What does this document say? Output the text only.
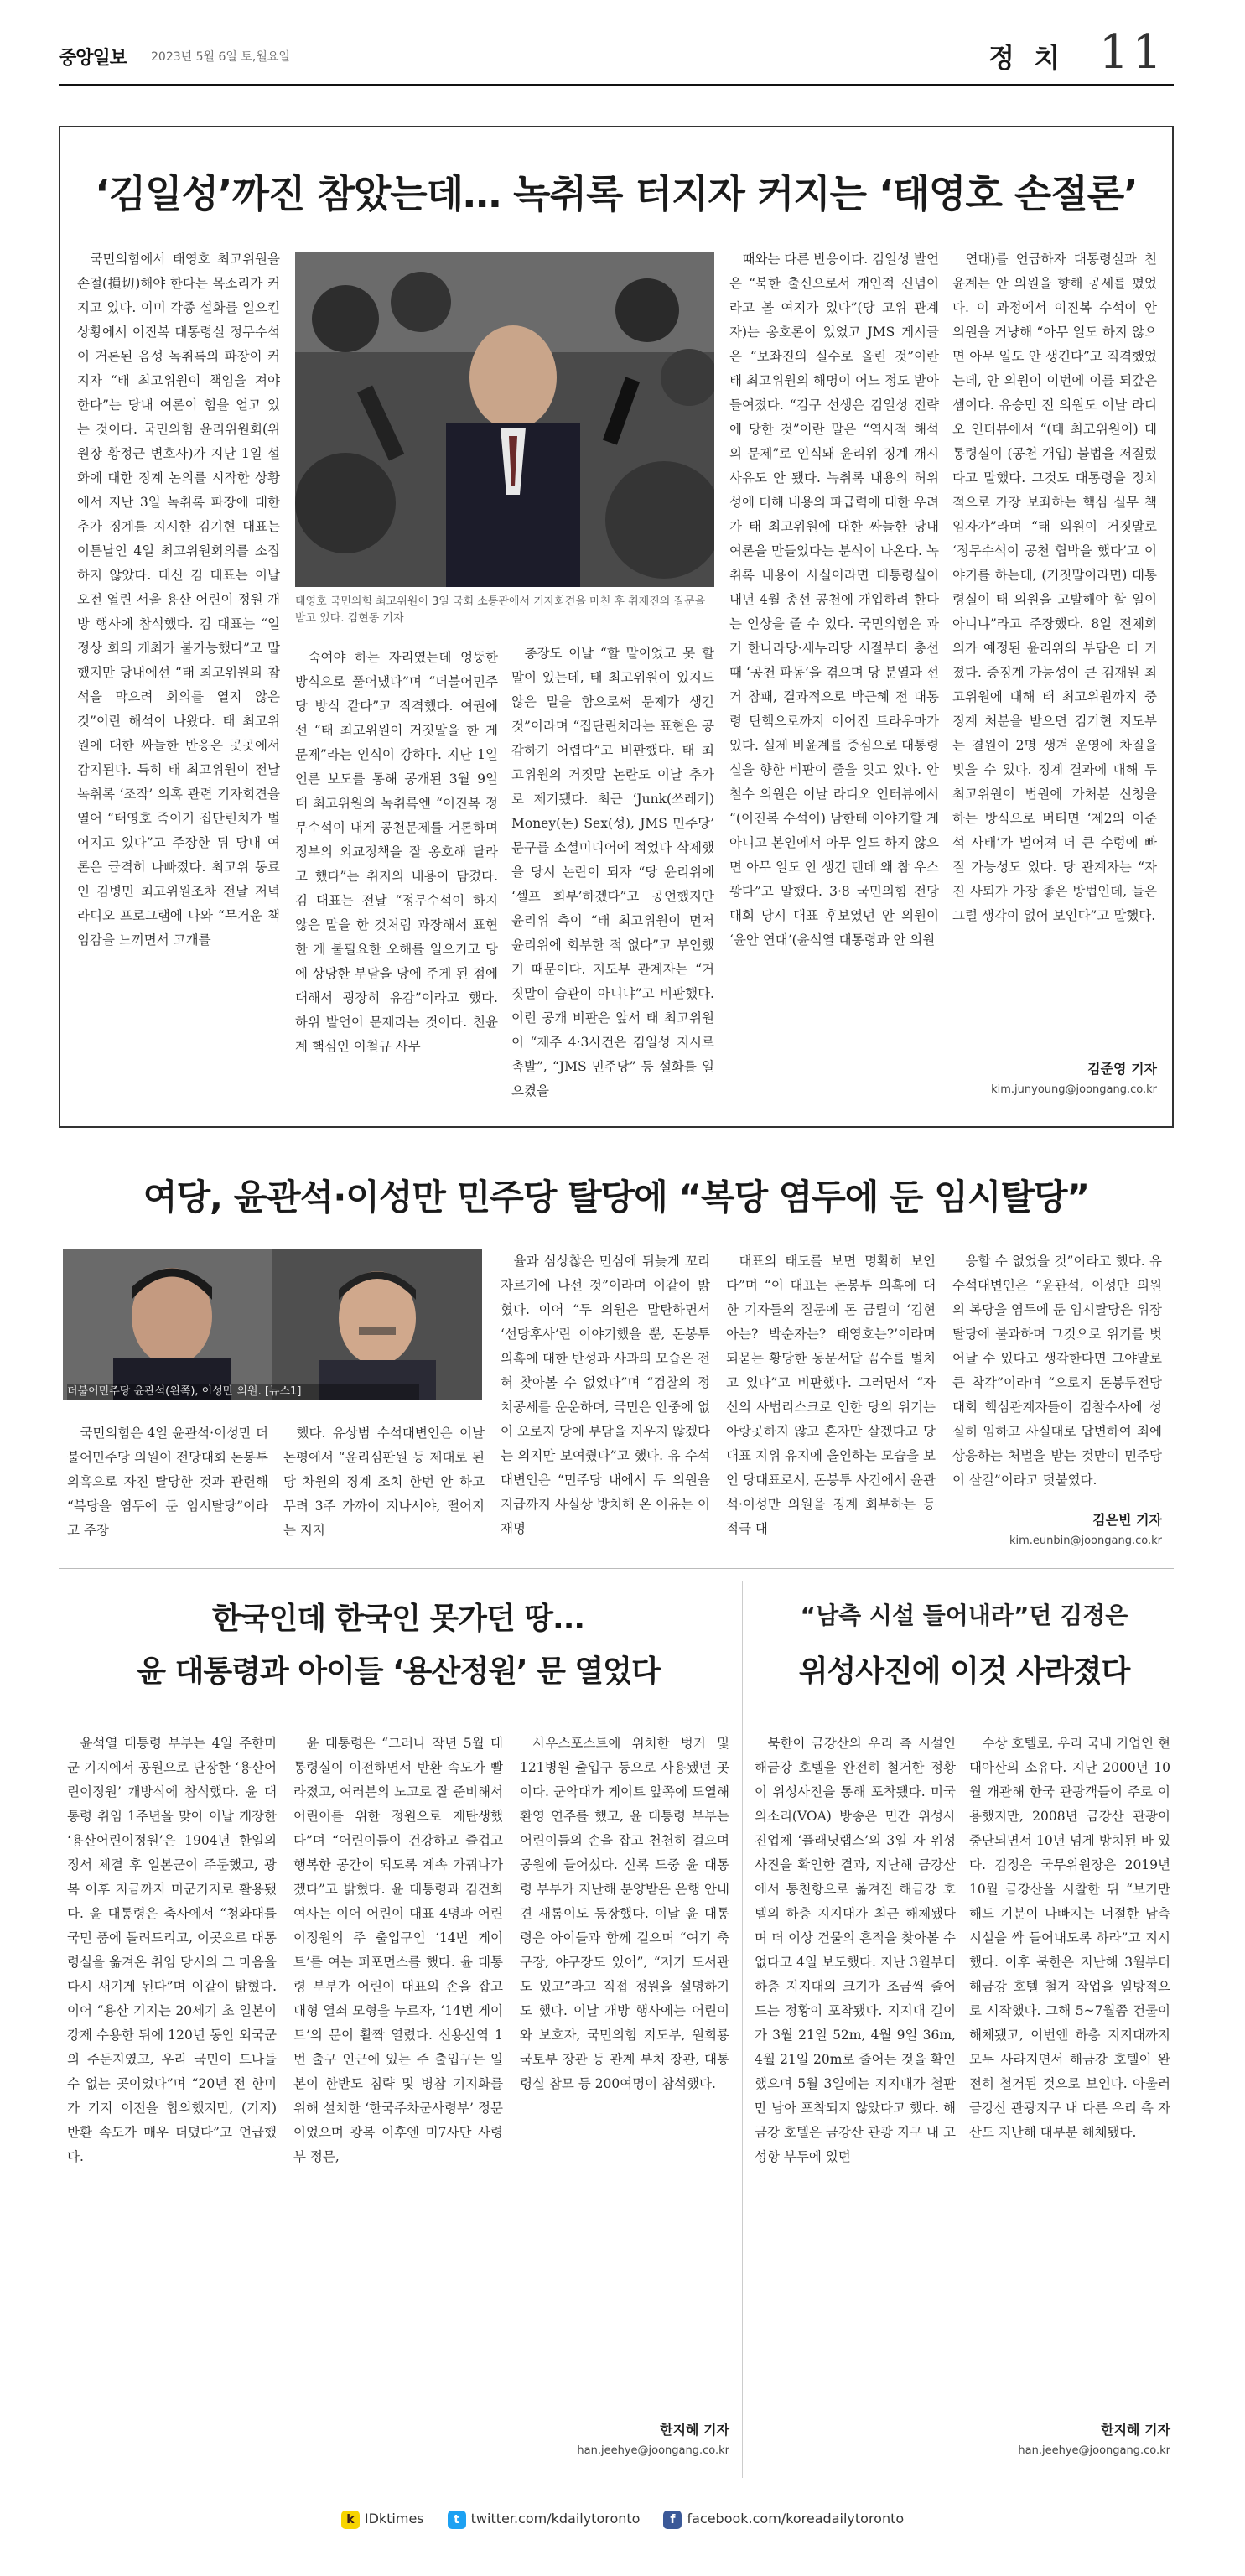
중앙일보 2023년 5월 6일 토,월요일	정 치 11
‘김일성’까진 참았는데… 녹취록 터지자 커지는 ‘태영호 손절론’

국민의힘에서 태영호 최고위원을 손절(損切)해야 한다는 목소리가 커지고 있다. 이미 각종 설화를 일으킨 상황에서 이진복 대통령실 정무수석이 거론된 음성 녹취록의 파장이 커지자 “태 최고위원이 책임을 져야 한다”는 당내 여론이 힘을 얻고 있는 것이다. 국민의힘 윤리위원회(위원장 황정근 변호사)가 지난 1일 설화에 대한 징계 논의를 시작한 상황에서 지난 3일 녹취록 파장에 대한 추가 징계를 지시한 김기현 대표는 이튿날인 4일 최고위원회의를 소집하지 않았다. 대신 김 대표는 이날 오전 열린 서울 용산 어린이 정원 개방 행사에 참석했다. 김 대표는 “일정상 회의 개최가 불가능했다”고 말했지만 당내에선 “태 최고위원의 참석을 막으려 회의를 열지 않은 것”이란 해석이 나왔다. 태 최고위원에 대한 싸늘한 반응은 곳곳에서 감지된다. 특히 태 최고위원이 전날 녹취록 ‘조작’ 의혹 관련 기자회견을 열어 “태영호 죽이기 집단린치가 벌어지고 있다”고 주장한 뒤 당내 여론은 급격히 나빠졌다. 최고위 동료인 김병민 최고위원조차 전날 저녁 라디오 프로그램에 나와 “무거운 책임감을 느끼면서 고개를

태영호 국민의힘 최고위원이 3일 국회 소통관에서 기자회견을 마친 후 취재진의 질문을 받고 있다. 김현동 기자

숙여야 하는 자리였는데 엉뚱한 방식으로 풀어냈다”며 “더불어민주당 방식 같다”고 직격했다. 여권에선 “태 최고위원이 거짓말을 한 게 문제”라는 인식이 강하다. 지난 1일 언론 보도를 통해 공개된 3월 9일 태 최고위원의 녹취록엔 “이진복 정무수석이 내게 공천문제를 거론하며 정부의 외교정책을 잘 옹호해 달라고 했다”는 취지의 내용이 담겼다. 김 대표는 전날 “정무수석이 하지 않은 말을 한 것처럼 과장해서 표현한 게 불필요한 오해를 일으키고 당에 상당한 부담을 당에 주게 된 점에 대해서 굉장히 유감”이라고 했다. 하위 발언이 문제라는 것이다. 친윤계 핵심인 이철규 사무

총장도 이날 “할 말이었고 못 할 말이 있는데, 태 최고위원이 있지도 않은 말을 함으로써 문제가 생긴 것”이라며 “집단린치라는 표현은 공감하기 어렵다”고 비판했다. 태 최고위원의 거짓말 논란도 이날 추가로 제기됐다. 최근 ‘Junk(쓰레기) Money(돈) Sex(성), JMS 민주당’ 문구를 소셜미디어에 적었다 삭제했을 당시 논란이 되자 “당 윤리위에 ‘셀프 회부’하겠다”고 공언했지만 윤리위 측이 “태 최고위원이 먼저 윤리위에 회부한 적 없다”고 부인했기 때문이다. 지도부 관계자는 “거짓말이 습관이 아니냐”고 비판했다. 이런 공개 비판은 앞서 태 최고위원이 “제주 4·3사건은 김일성 지시로 촉발”, “JMS 민주당” 등 설화를 일으켰을

때와는 다른 반응이다. 김일성 발언은 “북한 출신으로서 개인적 신념이라고 볼 여지가 있다”(당 고위 관계자)는 옹호론이 있었고 JMS 게시글은 “보좌진의 실수로 올린 것”이란 태 최고위원의 해명이 어느 정도 받아들여졌다. “김구 선생은 김일성 전략에 당한 것”이란 말은 “역사적 해석의 문제”로 인식돼 윤리위 징계 개시 사유도 안 됐다. 녹취록 내용의 허위성에 더해 내용의 파급력에 대한 우려가 태 최고위원에 대한 싸늘한 당내 여론을 만들었다는 분석이 나온다. 녹취록 내용이 사실이라면 대통령실이 내년 4월 총선 공천에 개입하려 한다는 인상을 줄 수 있다. 국민의힘은 과거 한나라당·새누리당 시절부터 총선 때 ‘공천 파동’을 겪으며 당 분열과 선거 참패, 결과적으로 박근혜 전 대통령 탄핵으로까지 이어진 트라우마가 있다. 실제 비윤계를 중심으로 대통령실을 향한 비판이 줄을 잇고 있다. 안철수 의원은 이날 라디오 인터뷰에서 “(이진복 수석이) 남한테 이야기할 게 아니고 본인에서 아무 일도 하지 않으면 아무 일도 안 생긴 텐데 왜 참 우스꽝다”고 말했다. 3·8 국민의힘 전당대회 당시 대표 후보였던 안 의원이 ‘윤안 연대’(윤석열 대통령과 안 의원

연대)를 언급하자 대통령실과 친윤계는 안 의원을 향해 공세를 폈었다. 이 과정에서 이진복 수석이 안 의원을 거냥해 “아무 일도 하지 않으면 아무 일도 안 생긴다”고 직격했었는데, 안 의원이 이번에 이를 되갚은 셈이다. 유승민 전 의원도 이날 라디오 인터뷰에서 “(태 최고위원이) 대통령실이 (공천 개입) 불법을 저질렀다고 말했다. 그것도 대통령을 정치적으로 가장 보좌하는 핵심 실무 책임자가”라며 “태 의원이 거짓말로 ‘정무수석이 공천 협박을 했다’고 이야기를 하는데, (거짓말이라면) 대통령실이 태 의원을 고발해야 할 일이 아니냐”라고 주장했다. 8일 전체회의가 예정된 윤리위의 부담은 더 커졌다. 중징계 가능성이 큰 김재원 최고위원에 대해 태 최고위원까지 중징계 처분을 받으면 김기현 지도부는 결원이 2명 생겨 운영에 차질을 빚을 수 있다. 징계 결과에 대해 두 최고위원이 법원에 가처분 신청을 하는 방식으로 버티면 ‘제2의 이준석 사태’가 벌어져 더 큰 수렁에 빠질 가능성도 있다. 당 관계자는 “자진 사퇴가 가장 좋은 방법인데, 들은 그럴 생각이 없어 보인다”고 말했다.

김준영 기자
kim.junyoung@joongang.co.kr
여당, 윤관석·이성만 민주당 탈당에 “복당 염두에 둔 임시탈당”
더불어민주당 윤관석(왼쪽), 이성만 의원. [뉴스1]

국민의힘은 4일 윤관석·이성만 더불어민주당 의원이 전당대회 돈봉투 의혹으로 자진 탈당한 것과 관련해 “복당을 염두에 둔 임시탈당”이라고 주장

했다. 유상범 수석대변인은 이날 논평에서 “윤리심판원 등 제대로 된 당 차원의 징계 조치 한번 안 하고 무려 3주 가까이 지나서야, 떨어지는 지지

율과 심상찮은 민심에 뒤늦게 꼬리자르기에 나선 것”이라며 이같이 밝혔다. 이어 “두 의원은 말탄하면서 ‘선당후사’란 이야기했을 뿐, 돈봉투 의혹에 대한 반성과 사과의 모습은 전혀 찾아볼 수 없었다”며 “검찰의 정치공세를 운운하며, 국민은 안중에 없이 오로지 당에 부담을 지우지 않겠다는 의지만 보여줬다”고 했다. 유 수석대변인은 “민주당 내에서 두 의원을 지급까지 사실상 방치해 온 이유는 이재명

대표의 태도를 보면 명확히 보인다”며 “이 대표는 돈봉투 의혹에 대한 기자들의 질문에 돈 금릴이 ‘김현아는? 박순자는? 태영호는?’이라며 되묻는 황당한 동문서답 꼼수를 벌치고 있다”고 비판했다. 그러면서 “자신의 사법리스크로 인한 당의 위기는 아랑곳하지 않고 혼자만 살겠다고 당대표 지위 유지에 올인하는 모습을 보인 당대표로서, 돈봉투 사건에서 윤관석·이성만 의원을 징계 회부하는 등 적극 대

응할 수 없었을 것”이라고 했다. 유 수석대변인은 “윤관석, 이성만 의원의 복당을 염두에 둔 임시탈당은 위장탈당에 불과하며 그것으로 위기를 벗어날 수 있다고 생각한다면 그야말로 큰 착각”이라며 “오로지 돈봉투전당대회 핵심관계자들이 검찰수사에 성실히 임하고 사실대로 답변하여 죄에 상응하는 처벌을 받는 것만이 민주당이 살길”이라고 덧붙였다.

김은빈 기자
kim.eunbin@joongang.co.kr
한국인데 한국인 못가던 땅...
윤 대통령과 아이들 ‘용산정원’ 문 열었다

윤석열 대통령 부부는 4일 주한미군 기지에서 공원으로 단장한 ‘용산어린이정원’ 개방식에 참석했다. 윤 대통령 취임 1주년을 맞아 이날 개장한 ‘용산어린이정원’은 1904년 한일의정서 체결 후 일본군이 주둔했고, 광복 이후 지금까지 미군기지로 활용됐다. 윤 대통령은 축사에서 “청와대를 국민 품에 돌려드리고, 이곳으로 대통령실을 옮겨온 취임 당시의 그 마음을 다시 새기게 된다”며 이같이 밝혔다. 이어 “용산 기지는 20세기 초 일본이 강제 수용한 뒤에 120년 동안 외국군의 주둔지였고, 우리 국민이 드나들 수 없는 곳이었다”며 “20년 전 한미가 기지 이전을 합의했지만, (기지) 반환 속도가 매우 더뎠다”고 언급했다.

윤 대통령은 “그러나 작년 5월 대통령실이 이전하면서 반환 속도가 빨라졌고, 여러분의 노고로 잘 준비해서 어린이를 위한 정원으로 재탄생했다”며 “어린이들이 건강하고 즐겁고 행복한 공간이 되도록 계속 가꿔나가겠다”고 밝혔다. 윤 대통령과 김건희 여사는 이어 어린이 대표 4명과 어린이정원의 주 출입구인 ‘14번 게이트’를 여는 퍼포먼스를 했다. 윤 대통령 부부가 어린이 대표의 손을 잡고 대형 열쇠 모형을 누르자, ‘14번 게이트’의 문이 활짝 열렸다. 신용산역 1번 출구 인근에 있는 주 출입구는 일본이 한반도 침략 및 병참 기지화를 위해 설치한 ‘한국주차군사령부’ 정문이었으며 광복 이후엔 미7사단 사령부 정문,

사우스포스트에 위치한 벙커 및 121병원 출입구 등으로 사용됐던 곳이다. 군악대가 게이트 앞쪽에 도열해 환영 연주를 했고, 윤 대통령 부부는 어린이들의 손을 잡고 천천히 걸으며 공원에 들어섰다. 신록 도중 윤 대통령 부부가 지난해 분양받은 은행 안내견 새롬이도 등장했다. 이날 윤 대통령은 아이들과 함께 걸으며 “여기 축구장, 야구장도 있어”, “저기 도서관도 있고”라고 직접 정원을 설명하기도 했다. 이날 개방 행사에는 어린이와 보호자, 국민의힘 지도부, 원희룡 국토부 장관 등 관계 부처 장관, 대통령실 참모 등 200여명이 참석했다.

한지혜 기자
han.jeehye@joongang.co.kr
“남측 시설 들어내라”던 김정은
위성사진에 이것 사라졌다

북한이 금강산의 우리 측 시설인 해금강 호텔을 완전히 철거한 정황이 위성사진을 통해 포착됐다. 미국의소리(VOA) 방송은 민간 위성사진업체 ‘플래닛랩스’의 3일 자 위성사진을 확인한 결과, 지난해 금강산에서 통천항으로 옮겨진 해금강 호텔의 하층 지지대가 최근 해체됐다며 더 이상 건물의 흔적을 찾아볼 수 없다고 4일 보도했다. 지난 3월부터 하층 지지대의 크기가 조금씩 줄어드는 정황이 포착됐다. 지지대 길이가 3월 21일 52m, 4월 9일 36m, 4월 21일 20m로 줄어든 것을 확인했으며 5월 3일에는 지지대가 철판만 남아 포착되지 않았다고 했다. 해금강 호텔은 금강산 관광 지구 내 고성항 부두에 있던

수상 호텔로, 우리 국내 기업인 현대아산의 소유다. 지난 2000년 10월 개관해 한국 관광객들이 주로 이용했지만, 2008년 금강산 관광이 중단되면서 10년 넘게 방치된 바 있다. 김정은 국무위원장은 2019년 10월 금강산을 시찰한 뒤 “보기만 해도 기분이 나빠지는 너절한 남측 시설을 싹 들어내도록 하라”고 지시했다. 이후 북한은 지난해 3월부터 해금강 호텔 철거 작업을 일방적으로 시작했다. 그해 5~7월쯤 건물이 해체됐고, 이번엔 하층 지지대까지 모두 사라지면서 해금강 호텔이 완전히 철거된 것으로 보인다. 아울러 금강산 관광지구 내 다른 우리 측 자산도 지난해 대부분 해체됐다.

한지혜 기자
han.jeehye@joongang.co.kr
k IDktimes	t twitter.com/kdailytoronto	f facebook.com/koreadailytoronto
